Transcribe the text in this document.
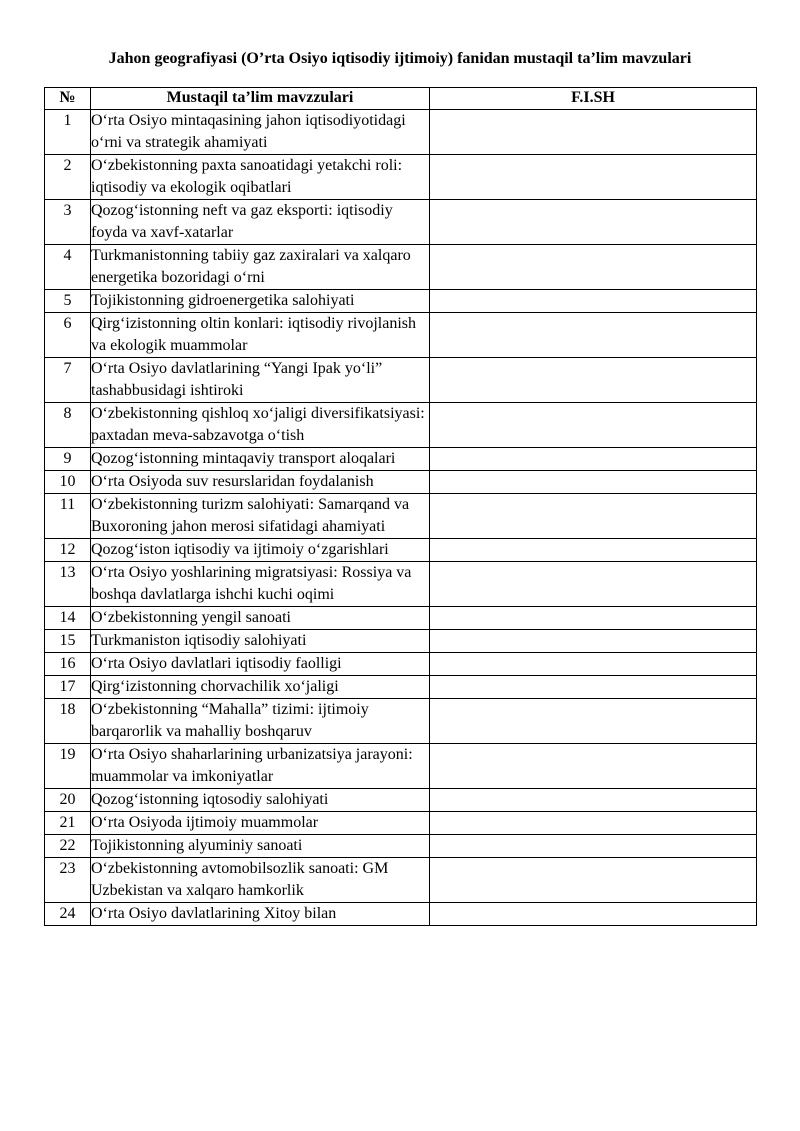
Jahon geografiyasi (O’rta Osiyo iqtisodiy ijtimoiy) fanidan mustaqil ta’lim mavzulari
№	Mustaqil ta’lim mavzzulari	F.I.SH
1	O‘rta Osiyo mintaqasining jahon iqtisodiyotidagi o‘rni va strategik ahamiyati	
2	O‘zbekistonning paxta sanoatidagi yetakchi roli: iqtisodiy va ekologik oqibatlari	
3	Qozog‘istonning neft va gaz eksporti: iqtisodiy foyda va xavf-xatarlar	
4	Turkmanistonning tabiiy gaz zaxiralari va xalqaro energetika bozoridagi o‘rni	
5	Tojikistonning gidroenergetika salohiyati	
6	Qirg‘izistonning oltin konlari: iqtisodiy rivojlanish va ekologik muammolar	
7	O‘rta Osiyo davlatlarining “Yangi Ipak yo‘li” tashabbusidagi ishtiroki	
8	O‘zbekistonning qishloq xo‘jaligi diversifikatsiyasi: paxtadan meva-sabzavotga o‘tish	
9	Qozog‘istonning mintaqaviy transport aloqalari	
10	O‘rta Osiyoda suv resurslaridan foydalanish	
11	O‘zbekistonning turizm salohiyati: Samarqand va Buxoroning jahon merosi sifatidagi ahamiyati	
12	Qozog‘iston iqtisodiy va ijtimoiy o‘zgarishlari	
13	O‘rta Osiyo yoshlarining migratsiyasi: Rossiya va boshqa davlatlarga ishchi kuchi oqimi	
14	O‘zbekistonning yengil sanoati	
15	Turkmaniston iqtisodiy salohiyati	
16	O‘rta Osiyo davlatlari iqtisodiy faolligi	
17	Qirg‘izistonning chorvachilik xo‘jaligi	
18	O‘zbekistonning “Mahalla” tizimi: ijtimoiy barqarorlik va mahalliy boshqaruv	
19	O‘rta Osiyo shaharlarining urbanizatsiya jarayoni: muammolar va imkoniyatlar	
20	Qozog‘istonning iqtosodiy salohiyati	
21	O‘rta Osiyoda ijtimoiy muammolar	
22	Tojikistonning alyuminiy sanoati	
23	O‘zbekistonning avtomobilsozlik sanoati: GM Uzbekistan va xalqaro hamkorlik	
24	O‘rta Osiyo davlatlarining Xitoy bilan	
